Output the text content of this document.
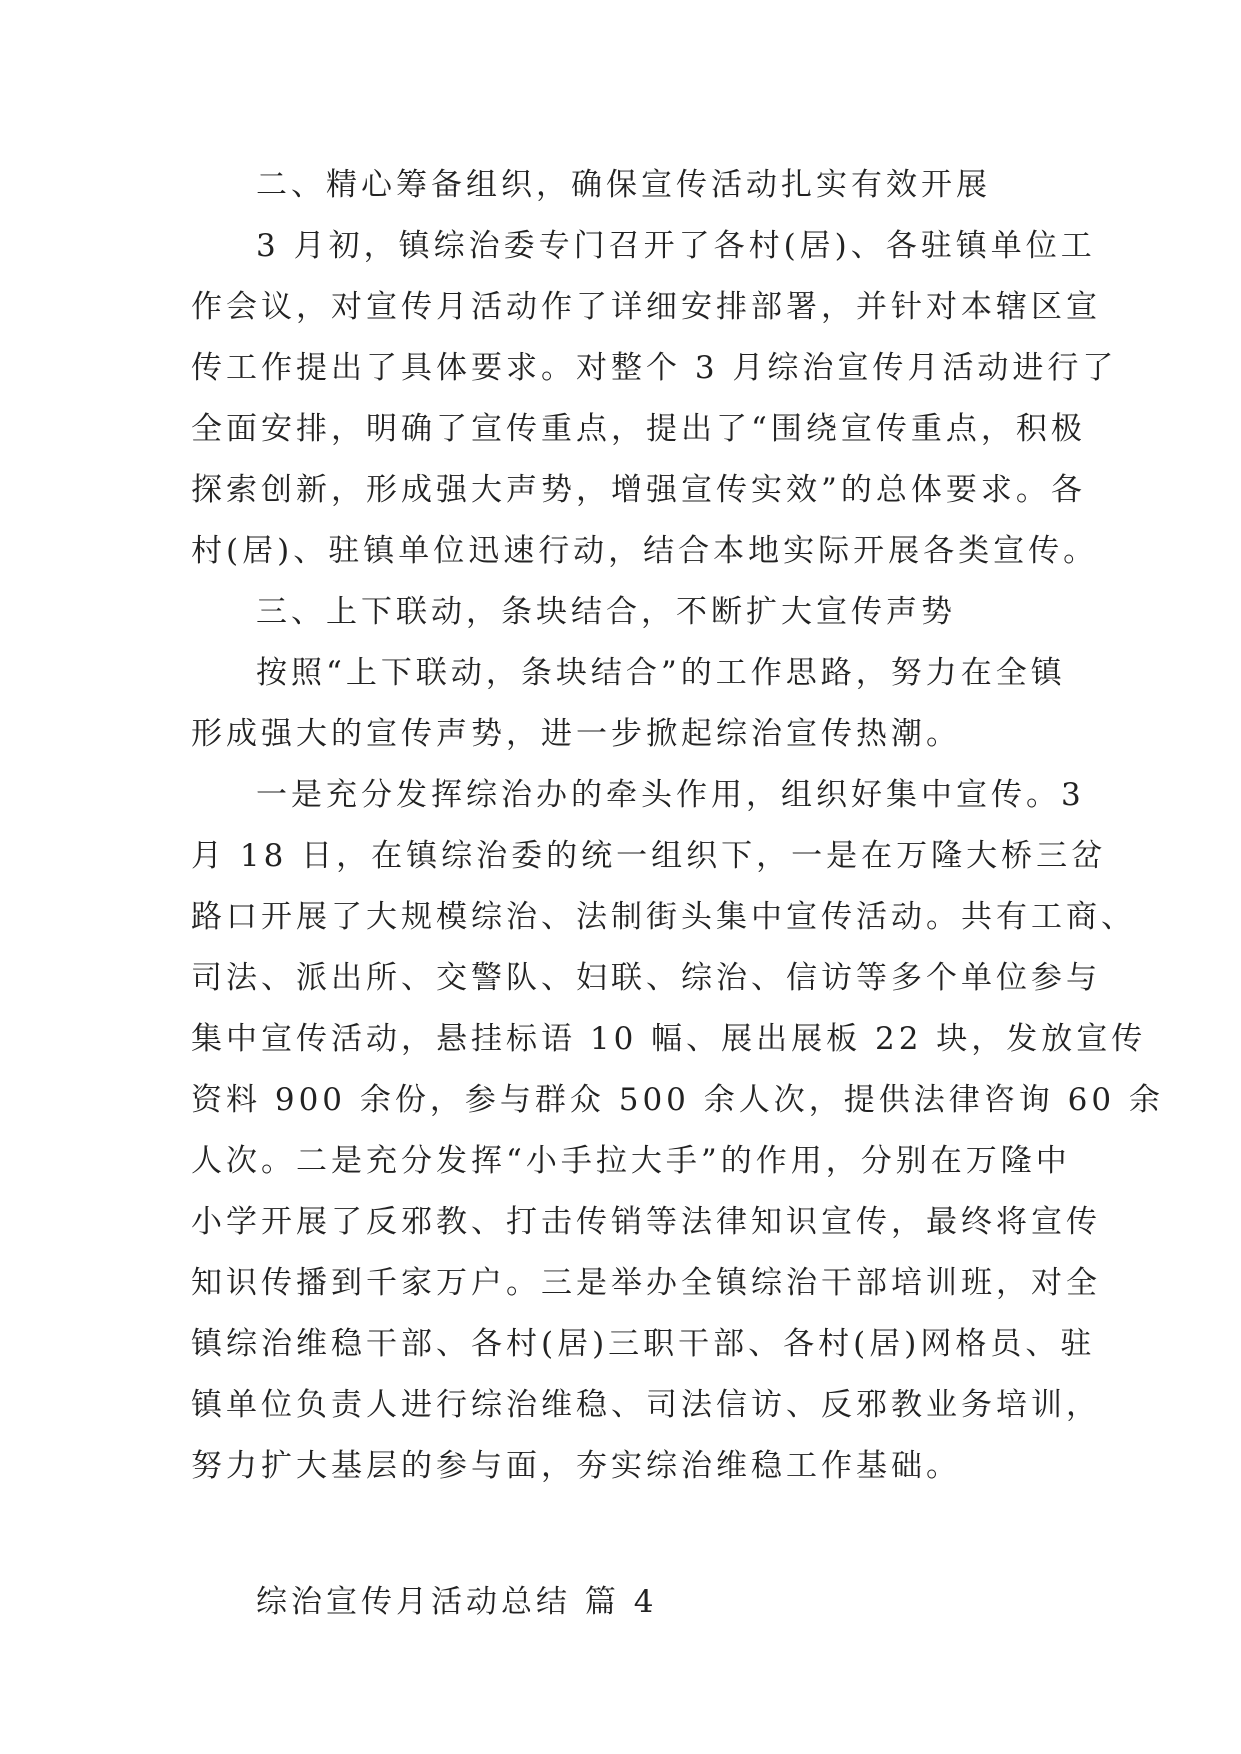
二、精心筹备组织，确保宣传活动扎实有效开展
3 月初，镇综治委专门召开了各村(居)、各驻镇单位工
作会议，对宣传月活动作了详细安排部署，并针对本辖区宣
传工作提出了具体要求。对整个 3 月综治宣传月活动进行了
全面安排，明确了宣传重点，提出了“围绕宣传重点，积极
探索创新，形成强大声势，增强宣传实效”的总体要求。各
村(居)、驻镇单位迅速行动，结合本地实际开展各类宣传。
三、上下联动，条块结合，不断扩大宣传声势
按照“上下联动，条块结合”的工作思路，努力在全镇
形成强大的宣传声势，进一步掀起综治宣传热潮。
一是充分发挥综治办的牵头作用，组织好集中宣传。3
月 18 日，在镇综治委的统一组织下，一是在万隆大桥三岔
路口开展了大规模综治、法制街头集中宣传活动。共有工商、
司法、派出所、交警队、妇联、综治、信访等多个单位参与
集中宣传活动，悬挂标语 10 幅、展出展板 22 块，发放宣传
资料 900 余份，参与群众 500 余人次，提供法律咨询 60 余
人次。二是充分发挥“小手拉大手”的作用，分别在万隆中
小学开展了反邪教、打击传销等法律知识宣传，最终将宣传
知识传播到千家万户。三是举办全镇综治干部培训班，对全
镇综治维稳干部、各村(居)三职干部、各村(居)网格员、驻
镇单位负责人进行综治维稳、司法信访、反邪教业务培训，
努力扩大基层的参与面，夯实综治维稳工作基础。
综治宣传月活动总结 篇 4
